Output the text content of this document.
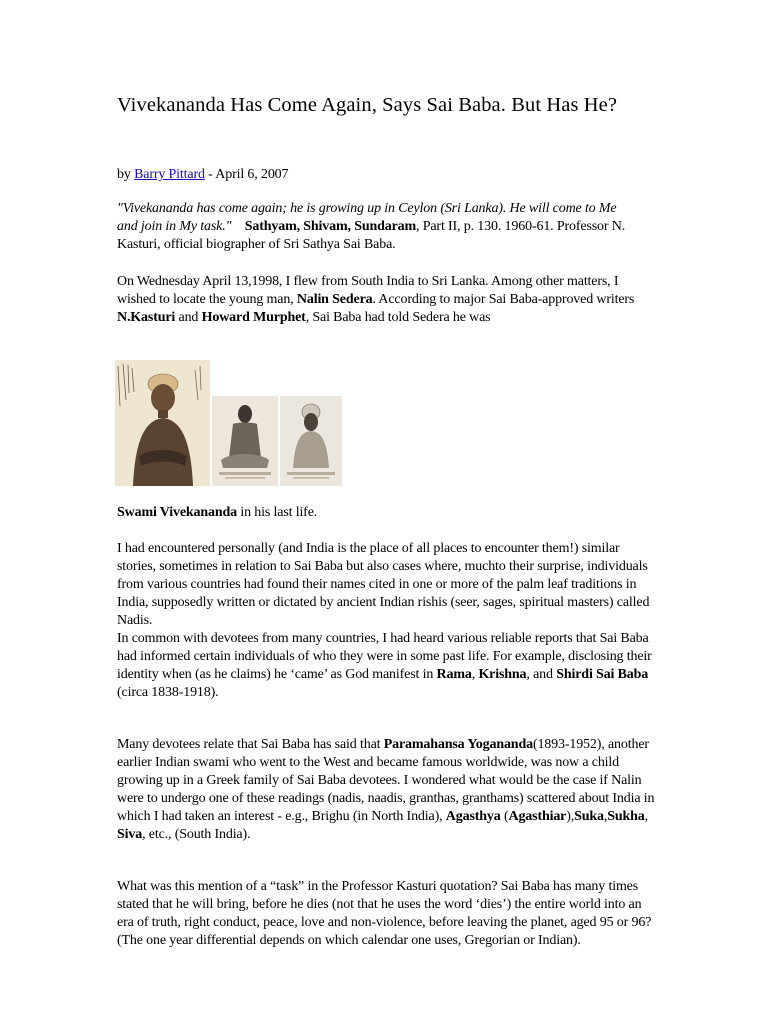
Vivekananda Has Come Again, Says Sai Baba. But Has He?

by Barry Pittard - April 6, 2007

"Vivekananda has come again; he is growing up in Ceylon (Sri Lanka). He will come to Me and join in My task." Sathyam, Shivam, Sundaram, Part II, p. 130. 1960-61. Professor N. Kasturi, official biographer of Sri Sathya Sai Baba.

On Wednesday April 13,1998, I flew from South India to Sri Lanka. Among other matters, I wished to locate the young man, Nalin Sedera. According to major Sai Baba-approved writers N.Kasturi and Howard Murphet, Sai Baba had told Sedera he was

Swami Vivekananda in his last life.

I had encountered personally (and India is the place of all places to encounter them!) similar stories, sometimes in relation to Sai Baba but also cases where, muchto their surprise, individuals from various countries had found their names cited in one or more of the palm leaf traditions in India, supposedly written or dictated by ancient Indian rishis (seer, sages, spiritual masters) called Nadis.

In common with devotees from many countries, I had heard various reliable reports that Sai Baba had informed certain individuals of who they were in some past life. For example, disclosing their identity when (as he claims) he ‘came’ as God manifest in Rama, Krishna, and Shirdi Sai Baba (circa 1838-1918).

Many devotees relate that Sai Baba has said that Paramahansa Yogananda(1893-1952), another earlier Indian swami who went to the West and became famous worldwide, was now a child growing up in a Greek family of Sai Baba devotees. I wondered what would be the case if Nalin were to undergo one of these readings (nadis, naadis, granthas, granthams) scattered about India in which I had taken an interest - e.g., Brighu (in North India), Agasthya (Agasthiar),Suka,Sukha, Siva, etc., (South India).

What was this mention of a “task” in the Professor Kasturi quotation? Sai Baba has many times stated that he will bring, before he dies (not that he uses the word ‘dies’) the entire world into an era of truth, right conduct, peace, love and non-violence, before leaving the planet, aged 95 or 96? (The one year differential depends on which calendar one uses, Gregorian or Indian).
